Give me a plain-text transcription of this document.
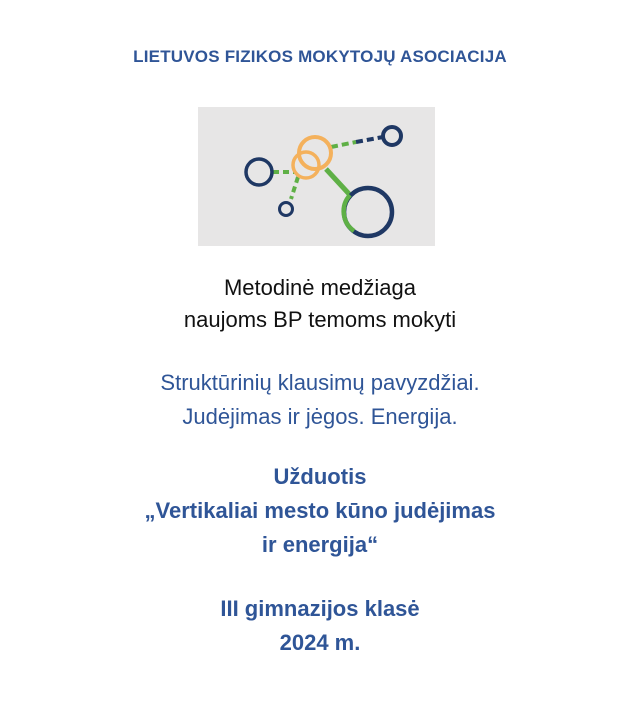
LIETUVOS FIZIKOS MOKYTOJŲ ASOCIACIJA
Metodinė medžiaga
naujoms BP temoms mokyti
Struktūrinių klausimų pavyzdžiai.
Judėjimas ir jėgos. Energija.
Užduotis
„Vertikaliai mesto kūno judėjimas
ir energija“
III gimnazijos klasė
2024 m.
